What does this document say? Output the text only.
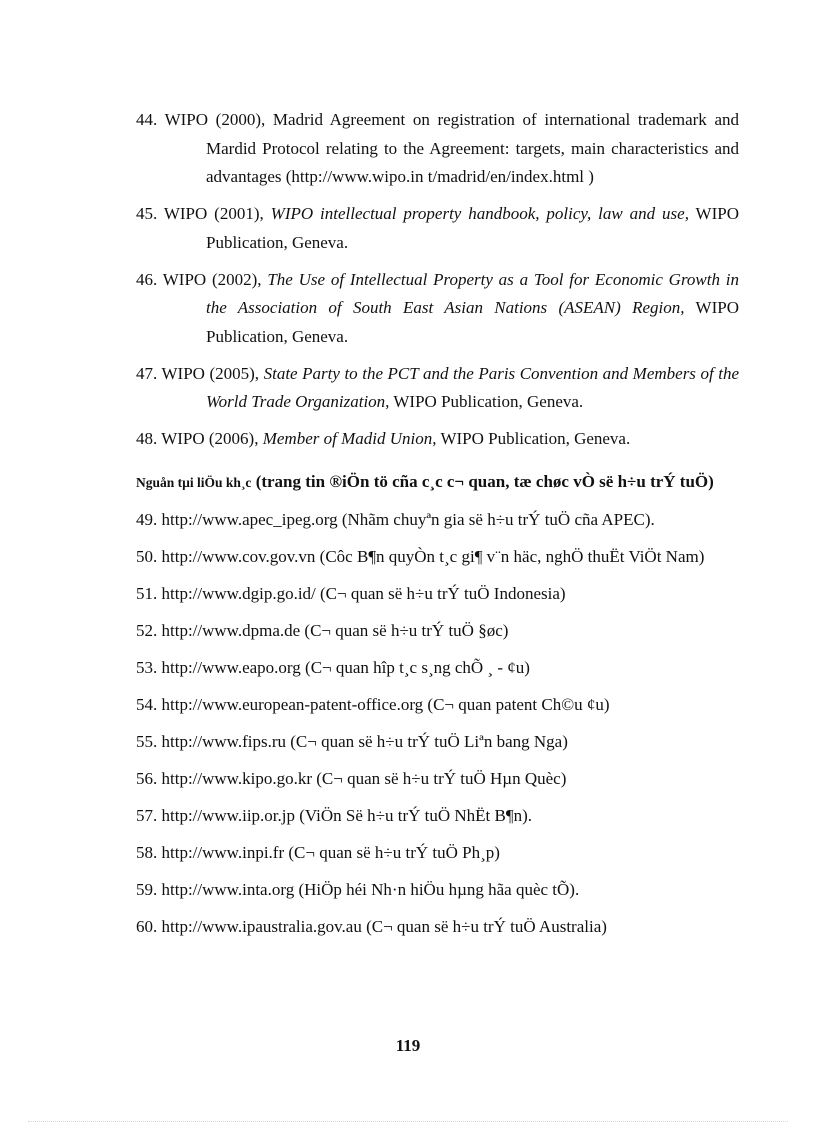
44. WIPO (2000), Madrid Agreement on registration of international trademark and Mardid Protocol relating to the Agreement: targets, main characteristics and advantages (http://www.wipo.in t/madrid/en/index.html )

45. WIPO (2001), WIPO intellectual property handbook, policy, law and use, WIPO Publication, Geneva.

46. WIPO (2002), The Use of Intellectual Property as a Tool for Economic Growth in the Association of South East Asian Nations (ASEAN) Region, WIPO Publication, Geneva.

47. WIPO (2005), State Party to the PCT and the Paris Convention and Members of the World Trade Organization, WIPO Publication, Geneva.

48. WIPO (2006), Member of Madid Union, WIPO Publication, Geneva.

Nguån tµi liÖu kh¸c (trang tin ®iÖn tö cña c¸c c¬ quan, tæ chøc vÒ së h÷u trÝ tuÖ)

49. http://www.apec_ipeg.org (Nhãm chuyªn gia së h÷u trÝ tuÖ cña APEC).

50. http://www.cov.gov.vn (Côc B¶n quyÒn t¸c gi¶ v¨n häc, nghÖ thuËt ViÖt Nam)

51. http://www.dgip.go.id/ (C¬ quan së h÷u trÝ tuÖ Indonesia)

52. http://www.dpma.de (C¬ quan së h÷u trÝ tuÖ §øc)

53. http://www.eapo.org (C¬ quan hîp t¸c s¸ng chÕ ¸ - ¢u)

54. http://www.european-patent-office.org (C¬ quan patent Ch©u ¢u)

55. http://www.fips.ru (C¬ quan së h÷u trÝ tuÖ Liªn bang Nga)

56. http://www.kipo.go.kr (C¬ quan së h÷u trÝ tuÖ Hµn Quèc)

57. http://www.iip.or.jp (ViÖn Së h÷u trÝ tuÖ NhËt B¶n).

58. http://www.inpi.fr (C¬ quan së h÷u trÝ tuÖ Ph¸p)

59. http://www.inta.org (HiÖp héi Nh·n hiÖu hµng hãa quèc tÕ).

60. http://www.ipaustralia.gov.au (C¬ quan së h÷u trÝ tuÖ Australia)

119
